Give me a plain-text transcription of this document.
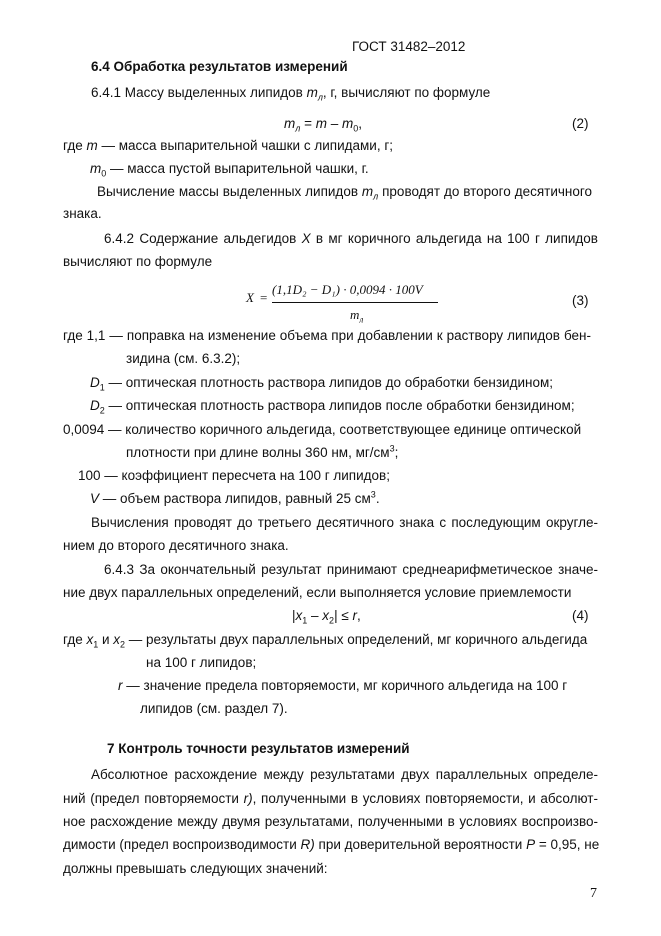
ГОСТ 31482–2012
6.4 Обработка результатов измерений
6.4.1 Массу выделенных липидов $m_л$, г, вычисляют по формуле
$m_л = m - m_0$,	(2)
где m — масса выпарительной чашки с липидами, г;
$m_0$ — масса пустой выпарительной чашки, г.
Вычисление массы выделенных липидов $m_л$ проводят до второго десятичного
знака.
6.4.2 Содержание альдегидов X в мг коричного альдегида на 100 г липидов
вычисляют по формуле
X =
(1,1D₂ − D₁) · 0,0094 · 100V
$m_л$
(3)
где 1,1 — поправка на изменение объема при добавлении к раствору липидов бен-
зидина (см. 6.3.2);
$D_1$ — оптическая плотность раствора липидов до обработки бензидином;
$D_2$ — оптическая плотность раствора липидов после обработки бензидином;
0,0094 — количество коричного альдегида, соответствующее единице оптической
плотности при длине волны 360 нм, $мг/см^3$;
100 — коэффициент пересчета на 100 г липидов;
V — объем раствора липидов, равный 25 $см^3$.
Вычисления проводят до третьего десятичного знака с последующим округле-
нием до второго десятичного знака.
6.4.3 За окончательный результат принимают среднеарифметическое значе-
ние двух параллельных определений, если выполняется условие приемлемости
$|x_1 - x_2| \le r$,	(4)
где $x_1$ и $x_2$ — результаты двух параллельных определений, мг коричного альдегида
на 100 г липидов;
r — значение предела повторяемости, мг коричного альдегида на 100 г
липидов (см. раздел 7).
7 Контроль точности результатов измерений
Абсолютное расхождение между результатами двух параллельных определе-
ний (предел повторяемости r), полученными в условиях повторяемости, и абсолют-
ное расхождение между двумя результатами, полученными в условиях воспроизво-
димости (предел воспроизводимости R) при доверительной вероятности P = 0,95, не
должны превышать следующих значений:
7
